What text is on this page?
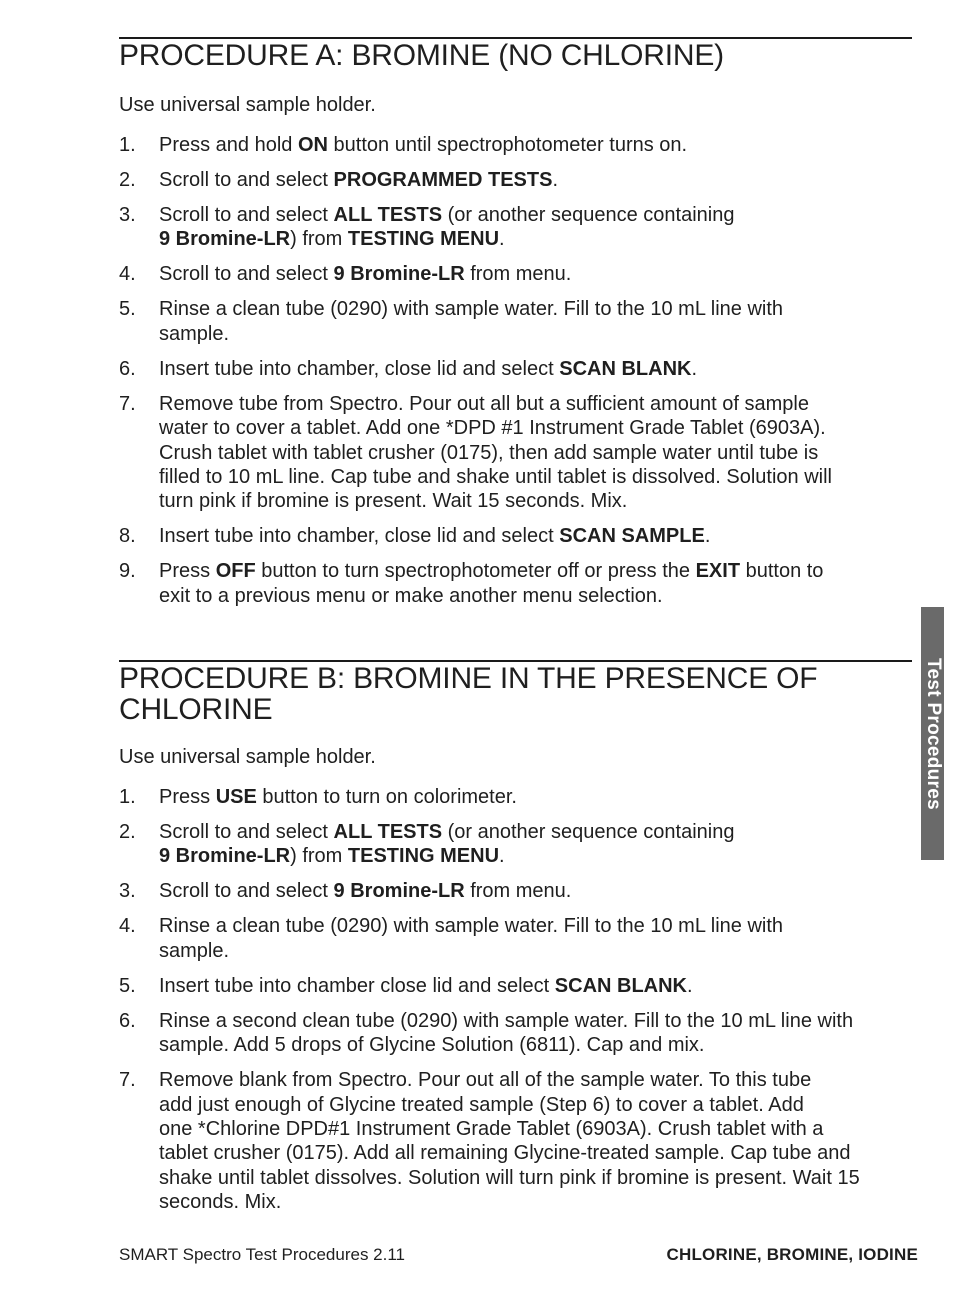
PROCEDURE A: BROMINE (NO CHLORINE)

Use universal sample holder.

1. Press and hold ON button until spectrophotometer turns on.
2. Scroll to and select PROGRAMMED TESTS.
3. Scroll to and select ALL TESTS (or another sequence containing
9 Bromine-LR) from TESTING MENU.
4. Scroll to and select 9 Bromine-LR from menu.
5. Rinse a clean tube (0290) with sample water. Fill to the 10 mL line with
sample.
6. Insert tube into chamber, close lid and select SCAN BLANK.
7. Remove tube from Spectro. Pour out all but a sufficient amount of sample
water to cover a tablet. Add one *DPD #1 Instrument Grade Tablet (6903A).
Crush tablet with tablet crusher (0175), then add sample water until tube is
filled to 10 mL line. Cap tube and shake until tablet is dissolved. Solution will
turn pink if bromine is present. Wait 15 seconds. Mix.
8. Insert tube into chamber, close lid and select SCAN SAMPLE.
9. Press OFF button to turn spectrophotometer off or press the EXIT button to
exit to a previous menu or make another menu selection.
PROCEDURE B: BROMINE IN THE PRESENCE OF
CHLORINE

Use universal sample holder.

1. Press USE button to turn on colorimeter.
2. Scroll to and select ALL TESTS (or another sequence containing
9 Bromine-LR) from TESTING MENU.
3. Scroll to and select 9 Bromine-LR from menu.
4. Rinse a clean tube (0290) with sample water. Fill to the 10 mL line with
sample.
5. Insert tube into chamber close lid and select SCAN BLANK.
6. Rinse a second clean tube (0290) with sample water. Fill to the 10 mL line with
sample. Add 5 drops of Glycine Solution (6811). Cap and mix.
7. Remove blank from Spectro. Pour out all of the sample water. To this tube
add just enough of Glycine treated sample (Step 6) to cover a tablet. Add
one *Chlorine DPD#1 Instrument Grade Tablet (6903A). Crush tablet with a
tablet crusher (0175). Add all remaining Glycine-treated sample. Cap tube and
shake until tablet dissolves. Solution will turn pink if bromine is present. Wait 15
seconds. Mix.
Test Procedures
SMART Spectro Test Procedures 2.11	CHLORINE, BROMINE, IODINE
